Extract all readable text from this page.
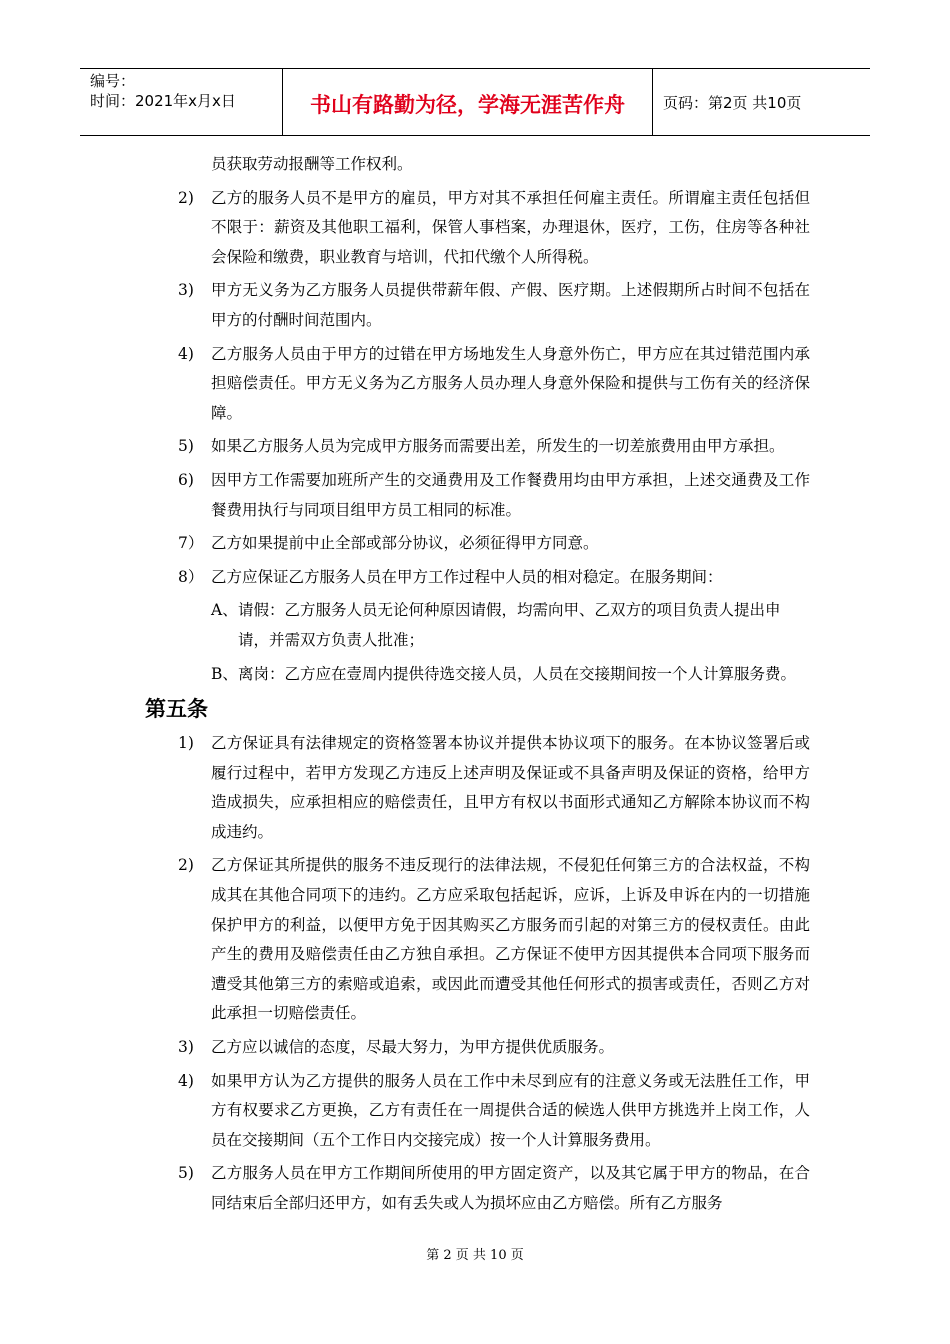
编号：
时间：2021年x月x日	书山有路勤为径，学海无涯苦作舟	页码：第2页 共10页
员获取劳动报酬等工作权利。
2)	乙方的服务人员不是甲方的雇员，甲方对其不承担任何雇主责任。所谓雇主责任包括但不限于：薪资及其他职工福利，保管人事档案，办理退休，医疗，工伤，住房等各种社会保险和缴费，职业教育与培训，代扣代缴个人所得税。
3)	甲方无义务为乙方服务人员提供带薪年假、产假、医疗期。上述假期所占时间不包括在甲方的付酬时间范围内。
4)	乙方服务人员由于甲方的过错在甲方场地发生人身意外伤亡，甲方应在其过错范围内承担赔偿责任。甲方无义务为乙方服务人员办理人身意外保险和提供与工伤有关的经济保障。
5)	如果乙方服务人员为完成甲方服务而需要出差，所发生的一切差旅费用由甲方承担。
6)	因甲方工作需要加班所产生的交通费用及工作餐费用均由甲方承担，上述交通费及工作餐费用执行与同项目组甲方员工相同的标准。
7） 乙方如果提前中止全部或部分协议，必须征得甲方同意。
8） 乙方应保证乙方服务人员在甲方工作过程中人员的相对稳定。在服务期间：
A、 请假：乙方服务人员无论何种原因请假，均需向甲、乙双方的项目负责人提出申请，并需双方负责人批准；
B、 离岗：乙方应在壹周内提供待选交接人员，人员在交接期间按一个人计算服务费。
第五条
1)	乙方保证具有法律规定的资格签署本协议并提供本协议项下的服务。在本协议签署后或履行过程中，若甲方发现乙方违反上述声明及保证或不具备声明及保证的资格，给甲方造成损失，应承担相应的赔偿责任，且甲方有权以书面形式通知乙方解除本协议而不构成违约。
2)	乙方保证其所提供的服务不违反现行的法律法规，不侵犯任何第三方的合法权益，不构成其在其他合同项下的违约。乙方应采取包括起诉，应诉，上诉及申诉在内的一切措施保护甲方的利益，以便甲方免于因其购买乙方服务而引起的对第三方的侵权责任。由此产生的费用及赔偿责任由乙方独自承担。乙方保证不使甲方因其提供本合同项下服务而遭受其他第三方的索赔或追索，或因此而遭受其他任何形式的损害或责任，否则乙方对此承担一切赔偿责任。
3)	乙方应以诚信的态度，尽最大努力，为甲方提供优质服务。
4)	如果甲方认为乙方提供的服务人员在工作中未尽到应有的注意义务或无法胜任工作，甲方有权要求乙方更换，乙方有责任在一周提供合适的候选人供甲方挑选并上岗工作，人员在交接期间（五个工作日内交接完成）按一个人计算服务费用。
5)	乙方服务人员在甲方工作期间所使用的甲方固定资产，以及其它属于甲方的物品，在合同结束后全部归还甲方，如有丢失或人为损坏应由乙方赔偿。所有乙方服务
第 2 页 共 10 页
